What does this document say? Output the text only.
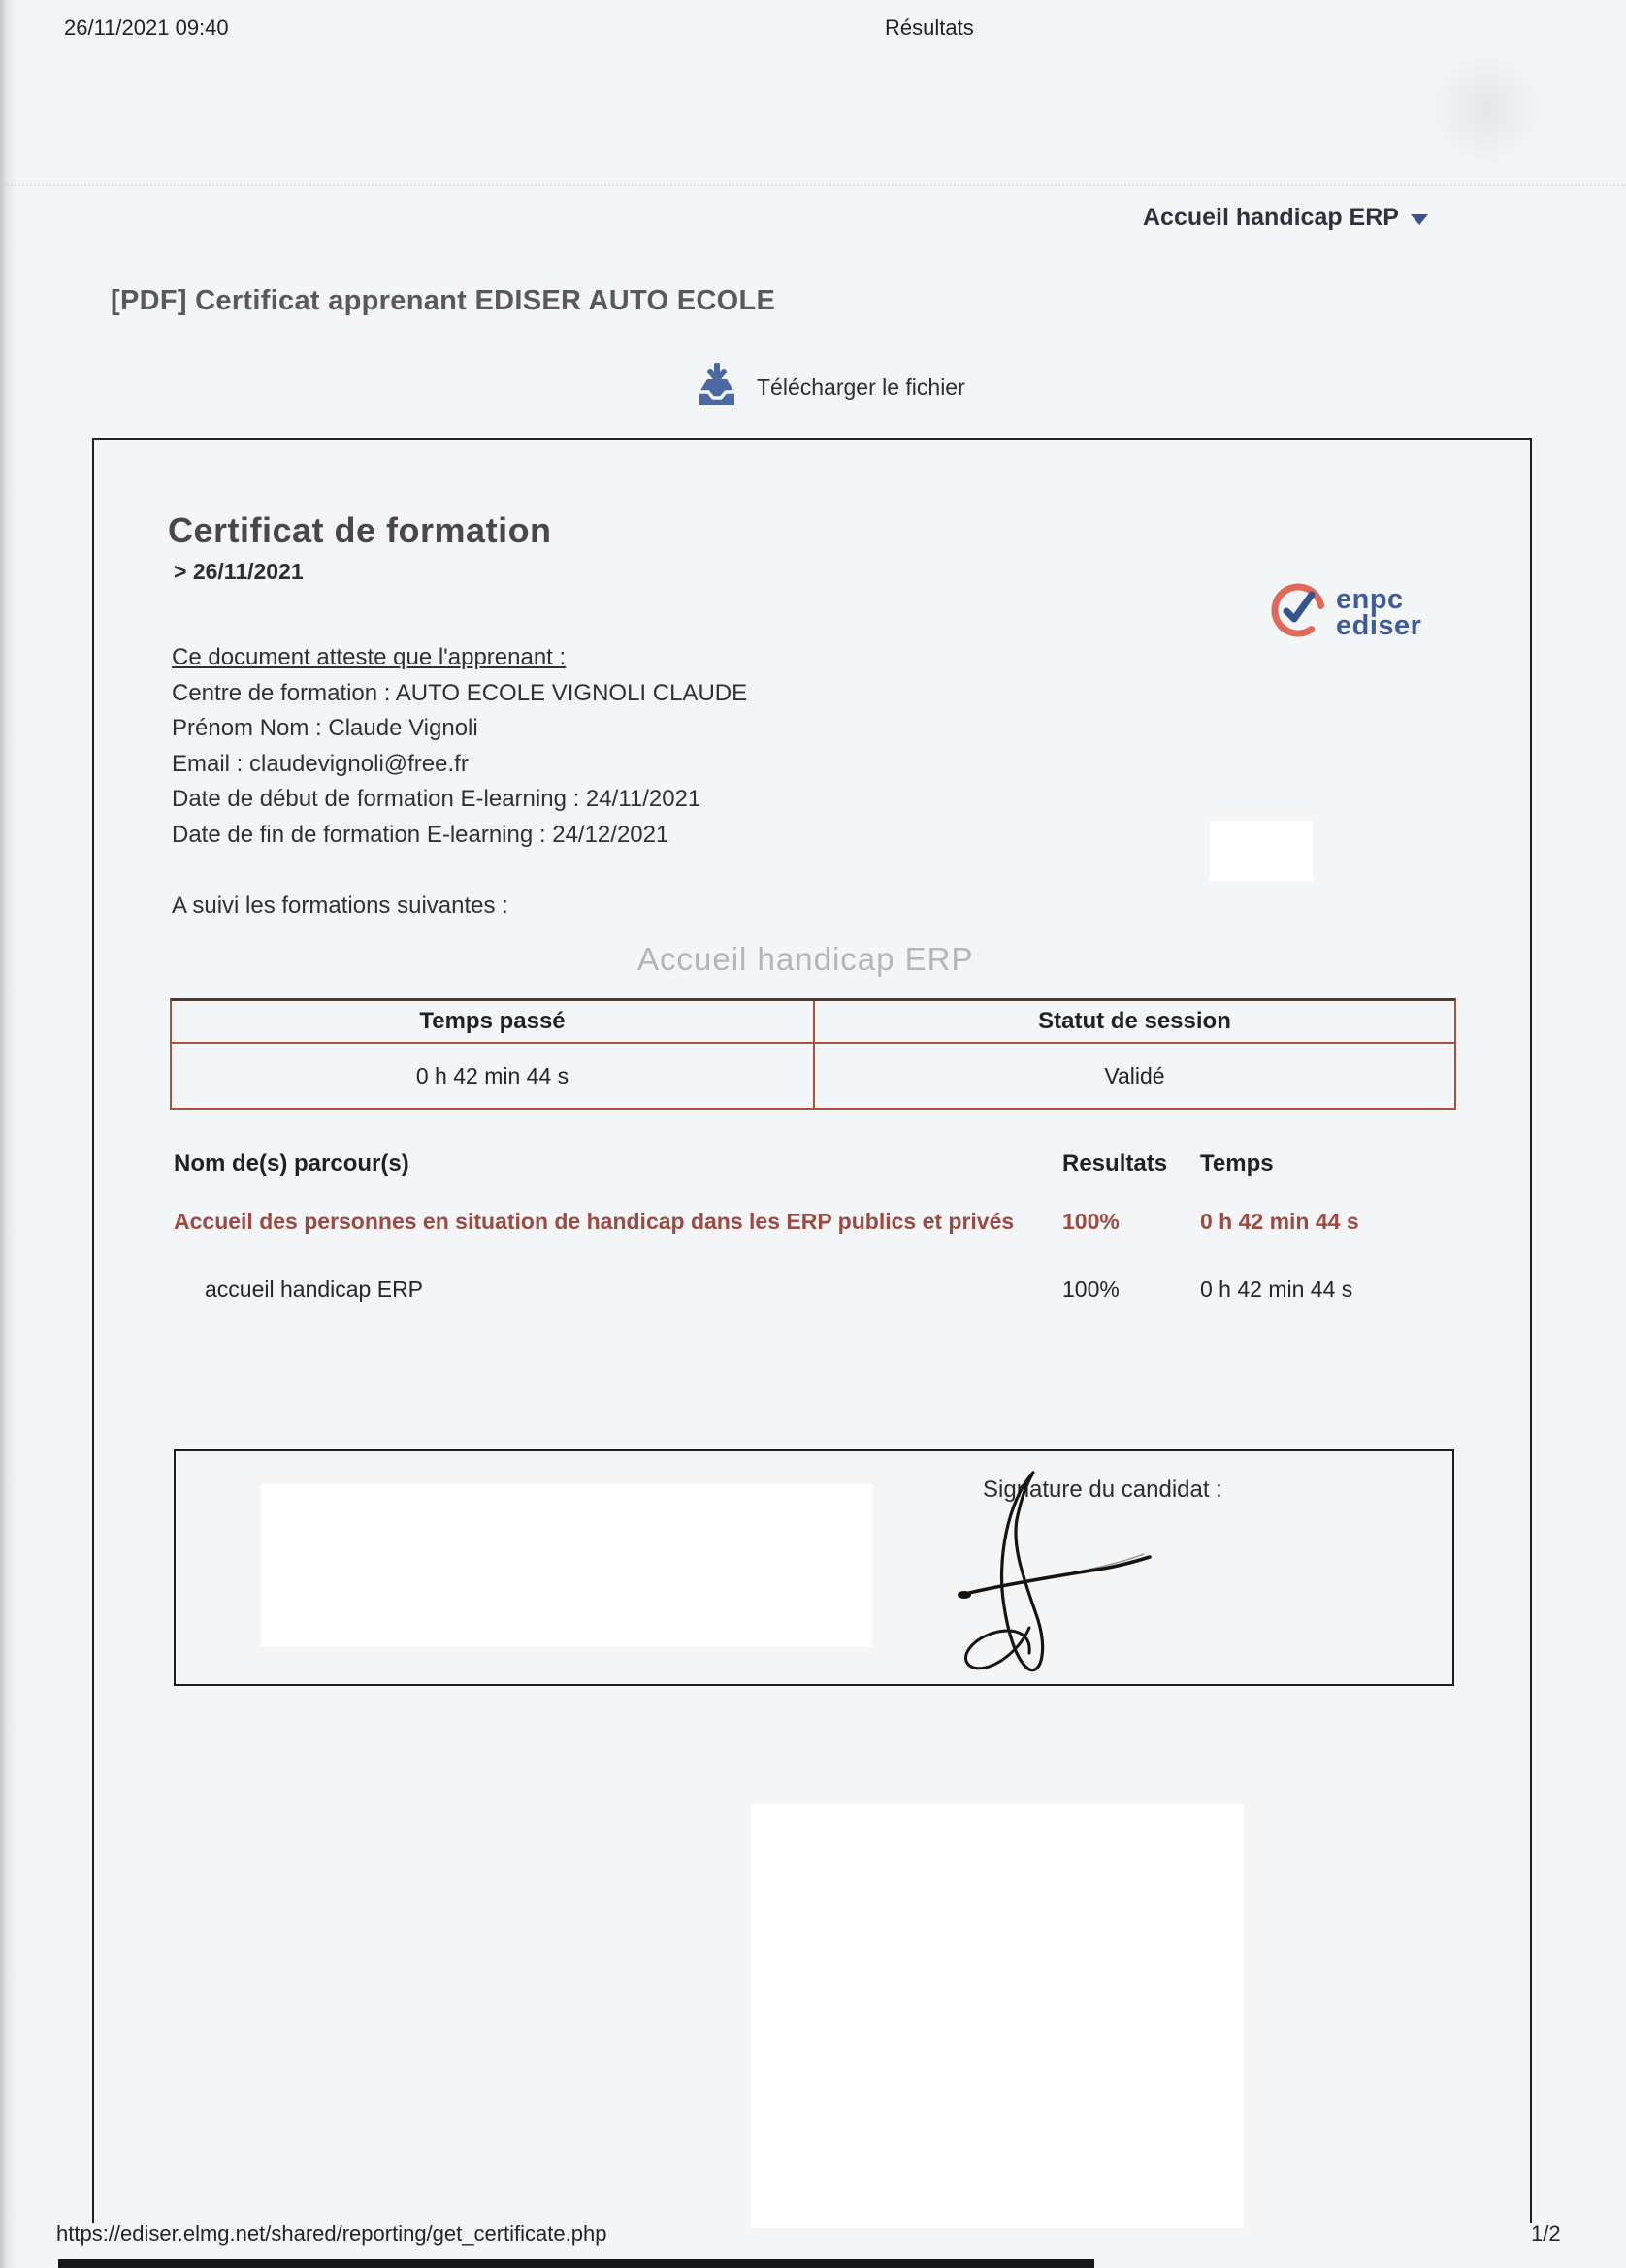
26/11/2021 09:40	Résultats
Accueil handicap ERP
[PDF] Certificat apprenant EDISER AUTO ECOLE
Télécharger le fichier
Certificat de formation
> 26/11/2021
enpc
ediser
Ce document atteste que l'apprenant :
Centre de formation : AUTO ECOLE VIGNOLI CLAUDE
Prénom Nom : Claude Vignoli
Email : claudevignoli@free.fr
Date de début de formation E-learning : 24/11/2021
Date de fin de formation E-learning : 24/12/2021
A suivi les formations suivantes :
Accueil handicap ERP
Temps passé	Statut de session
0 h 42 min 44 s	Validé
Nom de(s) parcour(s)	Resultats Temps
Accueil des personnes en situation de handicap dans les ERP publics et privés	100%	0 h 42 min 44 s
accueil handicap ERP	100%	0 h 42 min 44 s
Signature du candidat :
https://ediser.elmg.net/shared/reporting/get_certificate.php	1/2
